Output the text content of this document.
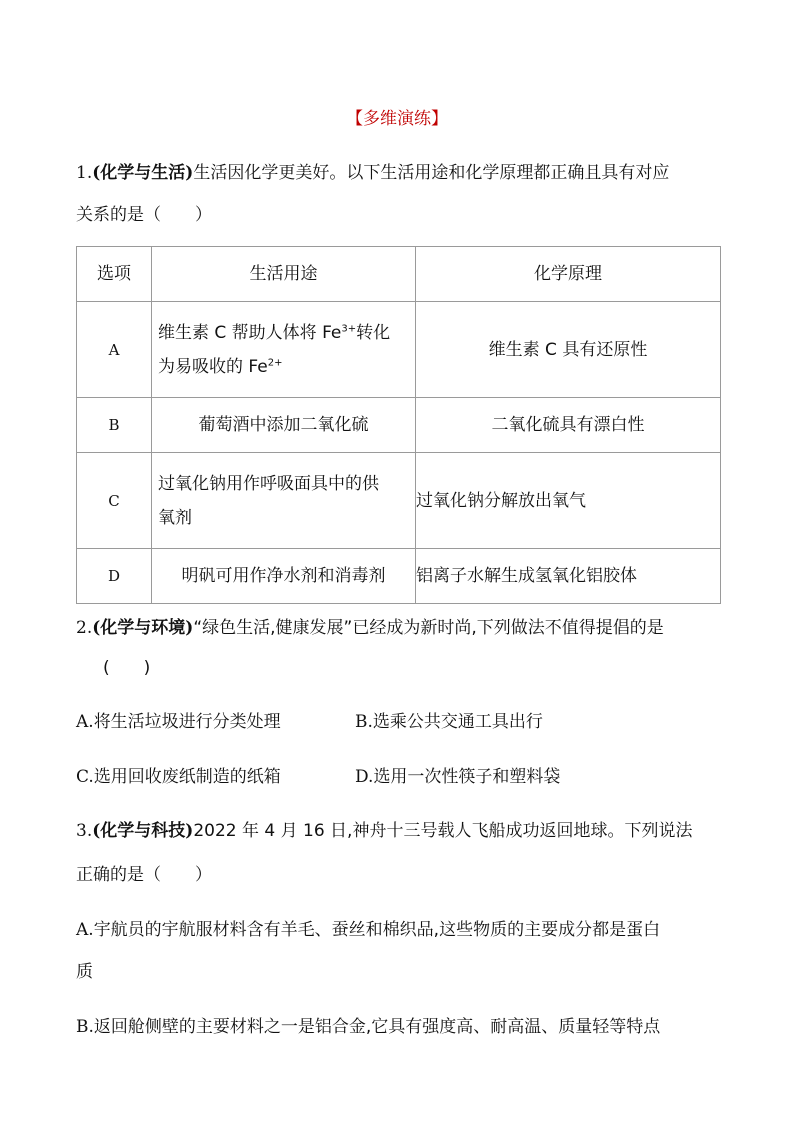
【多维演练】
1.(化学与生活)生活因化学更美好。以下生活用途和化学原理都正确且具有对应
关系的是（　　）
选项	生活用途	化学原理
A	维生素 C 帮助人体将 $Fe^{3+}$转化
为易吸收的 $Fe^{2+}$	维生素 C 具有还原性
B	葡萄酒中添加二氧化硫	二氧化硫具有漂白性
C	过氧化钠用作呼吸面具中的供
氧剂	过氧化钠分解放出氧气
D	明矾可用作净水剂和消毒剂	铝离子水解生成氢氧化铝胶体
2.(化学与环境)“绿色生活,健康发展”已经成为新时尚,下列做法不值得提倡的是
(　　)
A.将生活垃圾进行分类处理	B.选乘公共交通工具出行
C.选用回收废纸制造的纸箱	D.选用一次性筷子和塑料袋
3.(化学与科技)2022 年 4 月 16 日,神舟十三号载人飞船成功返回地球。下列说法
正确的是（　　）
A.宇航员的宇航服材料含有羊毛、蚕丝和棉织品,这些物质的主要成分都是蛋白
质
B.返回舱侧壁的主要材料之一是铝合金,它具有强度高、耐高温、质量轻等特点
